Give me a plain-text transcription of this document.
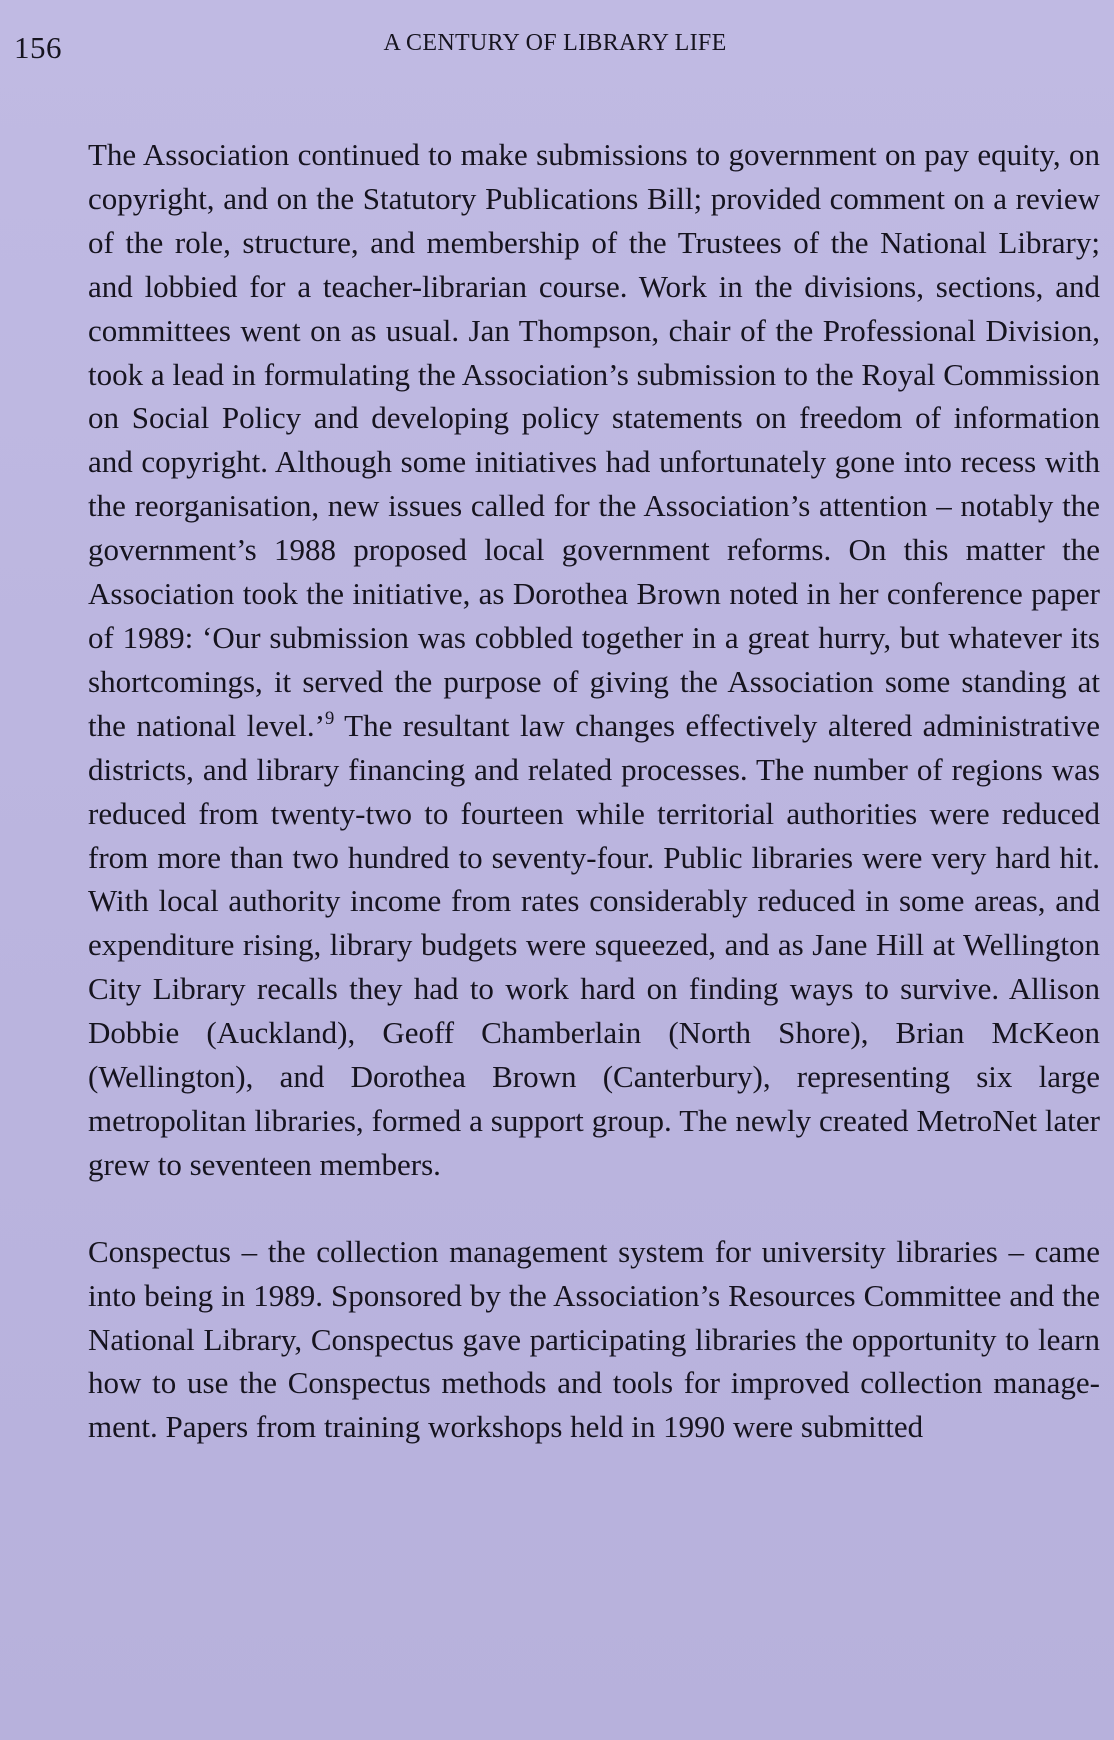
156	A CENTURY OF LIBRARY LIFE

The Association continued to make submissions to government on pay equity, on copyright, and on the Statutory Publications Bill; provided comment on a review of the role, structure, and membership of the Trustees of the National Library; and lobbied for a teacher-librarian course. Work in the divisions, sections, and committees went on as usual. Jan Thompson, chair of the Professional Division, took a lead in formulating the Association’s submission to the Royal Commission on Social Policy and developing policy statements on freedom of information and copyright. Although some initiatives had unfortunately gone into recess with the reorganisation, new issues called for the Association’s attention – notably the government’s 1988 proposed local government reforms. On this matter the Association took the initiative, as Dorothea Brown noted in her conference paper of 1989: ‘Our submission was cobbled together in a great hurry, but whatever its shortcomings, it served the purpose of giving the Association some standing at the national level.’$^9$ The resultant law changes effectively altered administrative districts, and library financing and related processes. The number of regions was reduced from twenty-two to fourteen while territorial authorities were reduced from more than two hundred to seventy-four. Public libraries were very hard hit. With local authority income from rates considerably reduced in some areas, and expenditure rising, library budgets were squeezed, and as Jane Hill at Wellington City Library recalls they had to work hard on finding ways to survive. Allison Dobbie (Auckland), Geoff Chamberlain (North Shore), Brian McKeon (Wellington), and Dorothea Brown (Canterbury), representing six large metropolitan libraries, formed a support group. The newly created MetroNet later grew to seventeen members.

Conspectus – the collection management system for university libraries – came into being in 1989. Sponsored by the Association’s Resources Committee and the National Library, Conspectus gave participating libraries the opportunity to learn how to use the Conspectus methods and tools for improved collection management. Papers from training workshops held in 1990 were submitted
